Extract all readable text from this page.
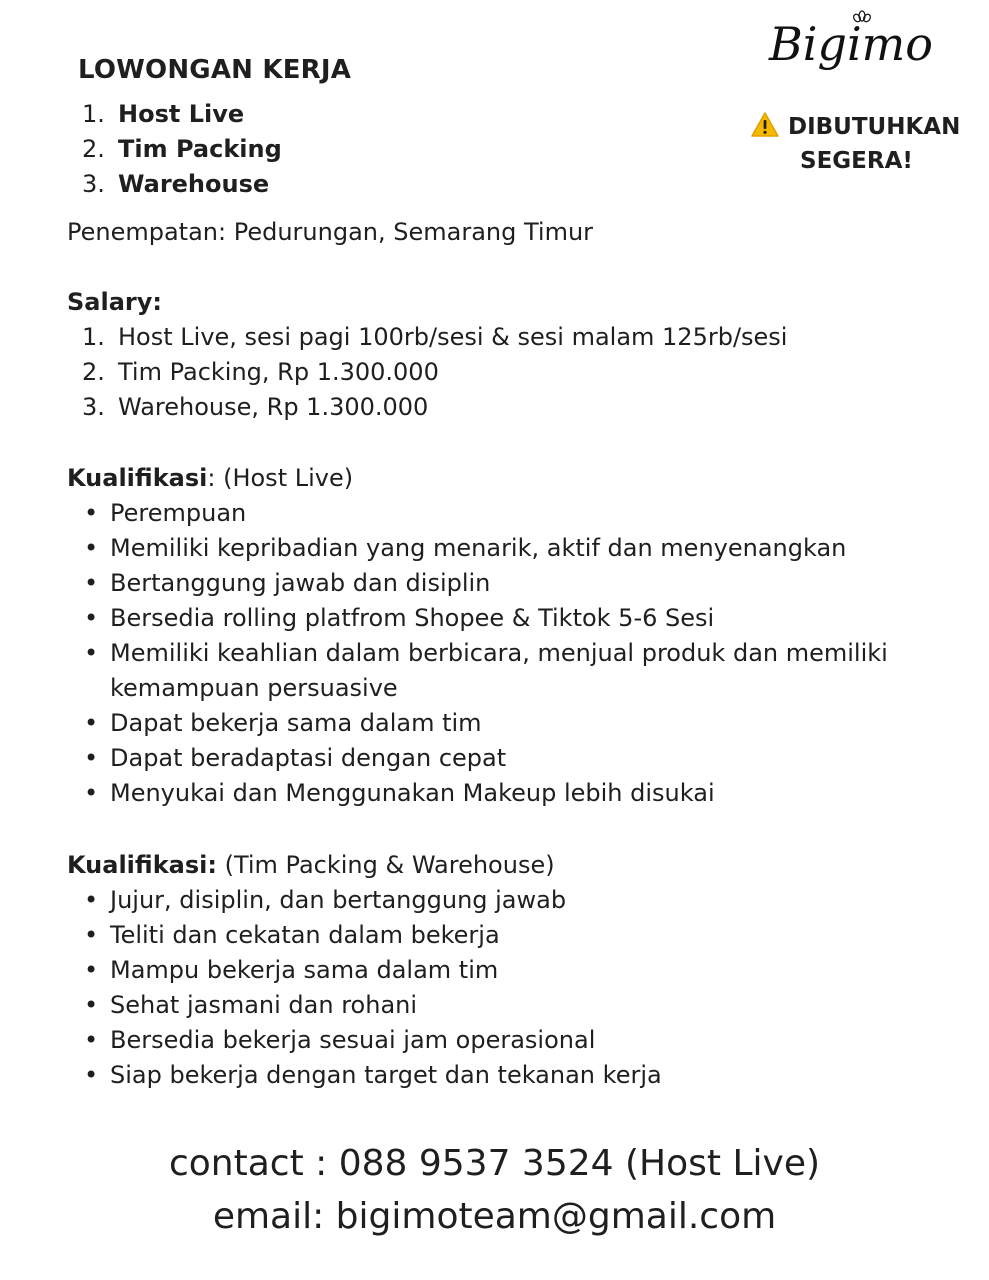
LOWONGAN KERJA
1. Host Live
2. Tim Packing
3. Warehouse
Bigimo
DIBUTUHKAN
SEGERA!
Penempatan: Pedurungan, Semarang Timur
Salary:
1. Host Live, sesi pagi 100rb/sesi & sesi malam 125rb/sesi
2. Tim Packing, Rp 1.300.000
3. Warehouse, Rp 1.300.000
Kualifikasi: (Host Live)
• Perempuan
• Memiliki kepribadian yang menarik, aktif dan menyenangkan
• Bertanggung jawab dan disiplin
• Bersedia rolling platfrom Shopee & Tiktok 5-6 Sesi
• Memiliki keahlian dalam berbicara, menjual produk dan memiliki kemampuan persuasive
• Dapat bekerja sama dalam tim
• Dapat beradaptasi dengan cepat
• Menyukai dan Menggunakan Makeup lebih disukai
Kualifikasi: (Tim Packing & Warehouse)
• Jujur, disiplin, dan bertanggung jawab
• Teliti dan cekatan dalam bekerja
• Mampu bekerja sama dalam tim
• Sehat jasmani dan rohani
• Bersedia bekerja sesuai jam operasional
• Siap bekerja dengan target dan tekanan kerja
contact : 088 9537 3524 (Host Live)
email: bigimoteam@gmail.com
